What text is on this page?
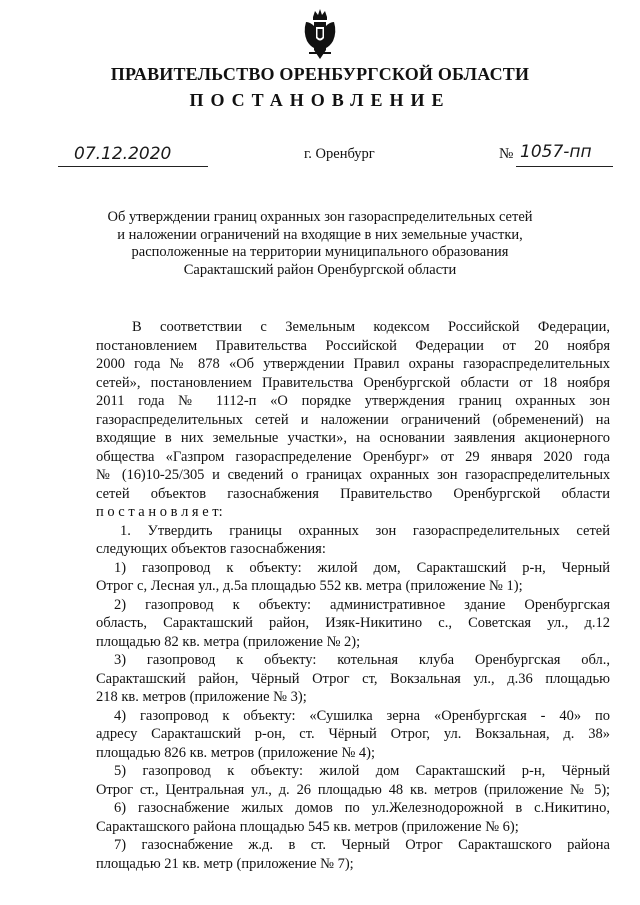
ПРАВИТЕЛЬСТВО ОРЕНБУРГСКОЙ ОБЛАСТИ
ПОСТАНОВЛЕНИЕ
07.12.2020	г. Оренбург	№ 1057-пп
Об утверждении границ охранных зон газораспределительных сетей
и наложении ограничений на входящие в них земельные участки,
расположенные на территории муниципального образования
Саракташский район Оренбургской области
В соответствии с Земельным кодексом Российской Федерации,
постановлением Правительства Российской Федерации от 20 ноября
2000 года № 878 «Об утверждении Правил охраны газораспределительных
сетей», постановлением Правительства Оренбургской области от 18 ноября
2011 года № 1112-п «О порядке утверждения границ охранных зон
газораспределительных сетей и наложении ограничений (обременений) на
входящие в них земельные участки», на основании заявления акционерного
общества «Газпром газораспределение Оренбург» от 29 января 2020 года
№ (16)10-25/305 и сведений о границах охранных зон газораспределительных
сетей объектов газоснабжения Правительство Оренбургской области
п о с т а н о в л я е т:
1. Утвердить границы охранных зон газораспределительных сетей
следующих объектов газоснабжения:
1) газопровод к объекту: жилой дом, Саракташский р-н, Черный
Отрог с, Лесная ул., д.5а площадью 552 кв. метра (приложение № 1);
2) газопровод к объекту: административное здание Оренбургская
область, Саракташский район, Изяк-Никитино с., Советская ул., д.12
площадью 82 кв. метра (приложение № 2);
3) газопровод к объекту: котельная клуба Оренбургская обл.,
Саракташский район, Чёрный Отрог ст, Вокзальная ул., д.36 площадью
218 кв. метров (приложение № 3);
4) газопровод к объекту: «Сушилка зерна «Оренбургская - 40» по
адресу Саракташский р-он, ст. Чёрный Отрог, ул. Вокзальная, д. 38»
площадью 826 кв. метров (приложение № 4);
5) газопровод к объекту: жилой дом Саракташский р-н, Чёрный
Отрог ст., Центральная ул., д. 26 площадью 48 кв. метров (приложение № 5);
6) газоснабжение жилых домов по ул.Железнодорожной в с.Никитино,
Саракташского района площадью 545 кв. метров (приложение № 6);
7) газоснабжение ж.д. в ст. Черный Отрог Саракташского района
площадью 21 кв. метр (приложение № 7);
